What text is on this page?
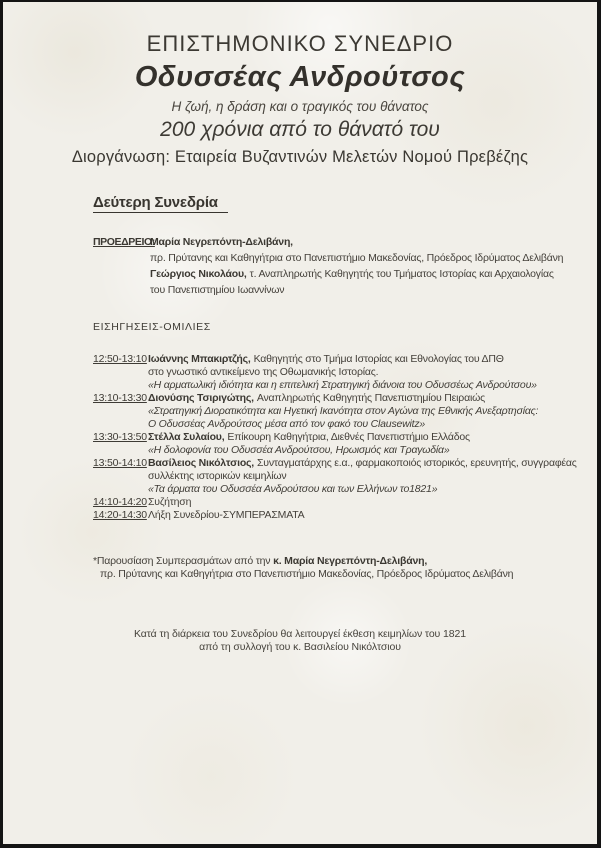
ΕΠΙΣΤΗΜΟΝΙΚΟ ΣΥΝΕΔΡΙΟ
Οδυσσέας Ανδρούτσος
Η ζωή, η δράση και ο τραγικός του θάνατος
200 χρόνια από το θάνατό του
Διοργάνωση: Εταιρεία Βυζαντινών Μελετών Νομού Πρεβέζης
Δεύτερη Συνεδρία
ΠΡΟΕΔΡΕΙΟ:
Μαρία Νεγρεπόντη-Δελιβάνη,
πρ. Πρύτανης και Καθηγήτρια στο Πανεπιστήμιο Μακεδονίας, Πρόεδρος Ιδρύματος Δελιβάνη
Γεώργιος Νικολάου, τ. Αναπληρωτής Καθηγητής του Τμήματος Ιστορίας και Αρχαιολογίας
του Πανεπιστημίου Ιωαννίνων
ΕΙΣΗΓΗΣΕΙΣ-ΟΜΙΛΙΕΣ
12:50-13:10 Ιωάννης Μπακιρτζής, Καθηγητής στο Τμήμα Ιστορίας και Εθνολογίας του ΔΠΘ
στο γνωστικό αντικείμενο της Οθωμανικής Ιστορίας.
«Η αρματωλική ιδιότητα και η επιτελική Στρατηγική διάνοια του Οδυσσέως Ανδρούτσου»
13:10-13:30 Διονύσης Τσιριγώτης, Αναπληρωτής Καθηγητής Πανεπιστημίου Πειραιώς
«Στρατηγική Διορατικότητα και Ηγετική Ικανότητα στον Αγώνα της Εθνικής Ανεξαρτησίας:
Ο Οδυσσέας Ανδρούτσος μέσα από τον φακό του Clausewitz»
13:30-13:50 Στέλλα Συλαίου, Επίκουρη Καθηγήτρια, Διεθνές Πανεπιστήμιο Ελλάδος
«Η δολοφονία του Οδυσσέα Ανδρούτσου, Ηρωισμός και Τραγωδία»
13:50-14:10 Βασίλειος Νικόλτσιος, Συνταγματάρχης ε.α., φαρμακοποιός ιστορικός, ερευνητής, συγγραφέας
συλλέκτης ιστορικών κειμηλίων
«Τα άρματα του Οδυσσέα Ανδρούτσου και των Ελλήνων το1821»
14:10-14:20 Συζήτηση
14:20-14:30 Λήξη Συνεδρίου-ΣΥΜΠΕΡΑΣΜΑΤΑ
*Παρουσίαση Συμπερασμάτων από την κ. Μαρία Νεγρεπόντη-Δελιβάνη,
πρ. Πρύτανης και Καθηγήτρια στο Πανεπιστήμιο Μακεδονίας, Πρόεδρος Ιδρύματος Δελιβάνη
Κατά τη διάρκεια του Συνεδρίου θα λειτουργεί έκθεση κειμηλίων του 1821
από τη συλλογή του κ. Βασιλείου Νικόλτσιου
